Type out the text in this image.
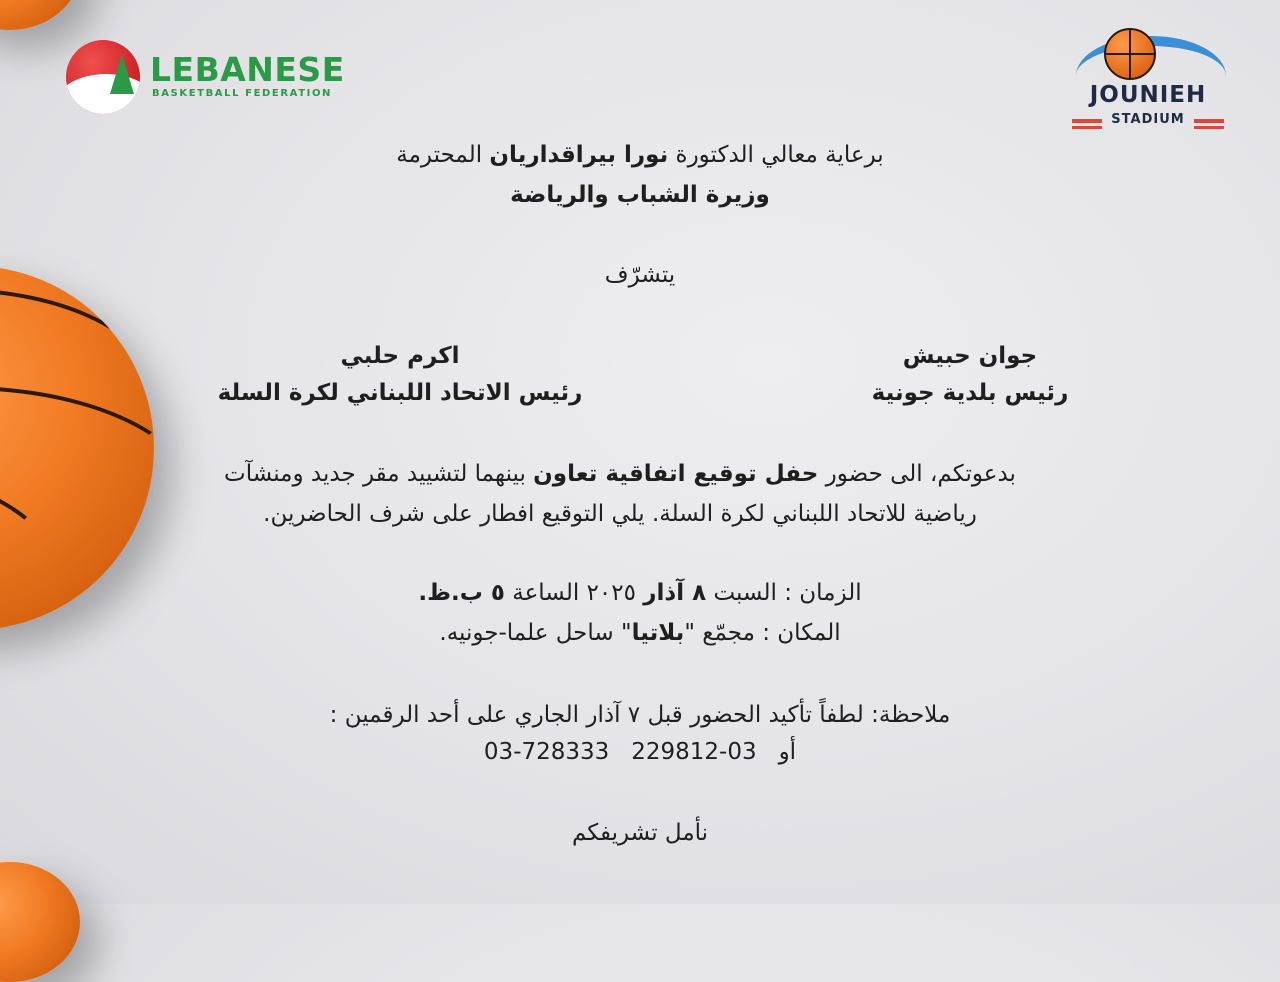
LEBANESE
BASKETBALL FEDERATION	JOUNIEH
STADIUM
برعاية معالي الدكتورة نورا بيراقداريان المحترمة
وزيرة الشباب والرياضة
يتشرّف
جوان حبيش
رئيس بلدية جونية
اكرم حلبي
رئيس الاتحاد اللبناني لكرة السلة
بدعوتكم، الى حضور حفل توقيع اتفاقية تعاون بينهما لتشييد مقر جديد ومنشآت
رياضية للاتحاد اللبناني لكرة السلة. يلي التوقيع افطار على شرف الحاضرين.
الزمان : السبت ٨ آذار ٢٠٢٥ الساعة ٥ ب.ظ.
المكان : مجمّع "بلاتيا" ساحل علما-جونيه.
ملاحظة: لطفاً تأكيد الحضور قبل ٧ آذار الجاري على أحد الرقمين :
03-728333	أو   03-229812
نأمل تشريفكم
